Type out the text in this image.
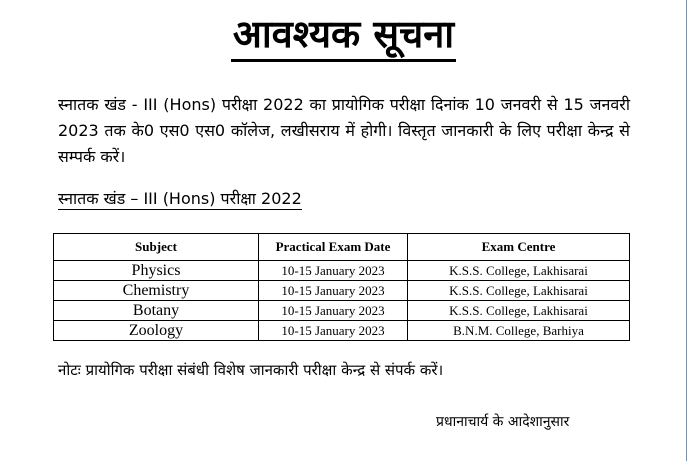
आवश्यक सूचना
स्नातक खंड - III (Hons) परीक्षा 2022 का प्रायोगिक परीक्षा दिनांक 10 जनवरी से 15 जनवरी 2023 तक के0 एस0 एस0 कॉलेज, लखीसराय में होगी। विस्तृत जानकारी के लिए परीक्षा केन्द्र से सम्पर्क करें।
स्नातक खंड – III (Hons) परीक्षा 2022
Subject	Practical Exam Date	Exam Centre
Physics	10-15 January 2023	K.S.S. College, Lakhisarai
Chemistry	10-15 January 2023	K.S.S. College, Lakhisarai
Botany	10-15 January 2023	K.S.S. College, Lakhisarai
Zoology	10-15 January 2023	B.N.M. College, Barhiya
नोटः प्रायोगिक परीक्षा संबंधी विशेष जानकारी परीक्षा केन्द्र से संपर्क करें।
प्रधानाचार्य के आदेशानुसार
